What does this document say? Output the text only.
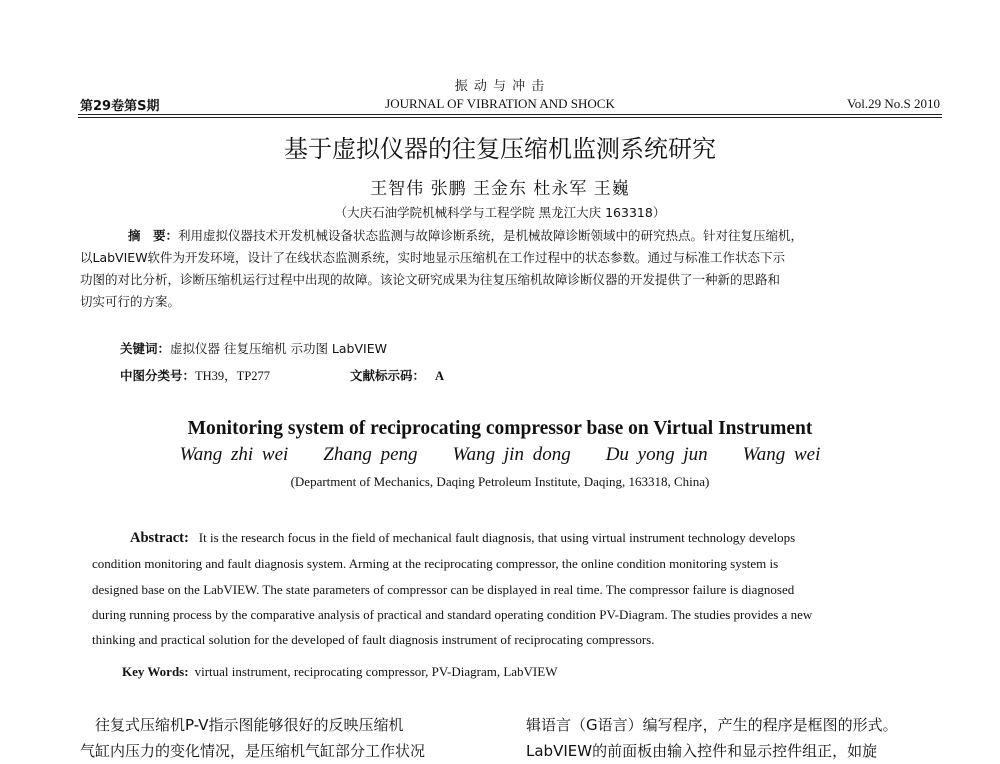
振 动 与 冲 击
第29卷第S期	JOURNAL OF VIBRATION AND SHOCK	Vol.29 No.S 2010
基于虚拟仪器的往复压缩机监测系统研究
王智伟 张鹏 王金东 杜永军 王巍
（大庆石油学院机械科学与工程学院 黑龙江大庆 163318）
摘　要：利用虚拟仪器技术开发机械设备状态监测与故障诊断系统，是机械故障诊断领域中的研究热点。针对往复压缩机，
以LabVIEW软件为开发环境，设计了在线状态监测系统，实时地显示压缩机在工作过程中的状态参数。通过与标准工作状态下示
功图的对比分析，诊断压缩机运行过程中出现的故障。该论文研究成果为往复压缩机故障诊断仪器的开发提供了一种新的思路和
切实可行的方案。
关键词：虚拟仪器 往复压缩机 示功图 LabVIEW
中图分类号：TH39，TP277	文献标示码： A
Monitoring system of reciprocating compressor base on Virtual Instrument
Wang zhi wei Zhang peng Wang jin dong Du yong jun Wang wei
(Department of Mechanics, Daqing Petroleum Institute, Daqing, 163318, China)
Abstract: It is the research focus in the field of mechanical fault diagnosis, that using virtual instrument technology develops
condition monitoring and fault diagnosis system. Arming at the reciprocating compressor, the online condition monitoring system is
designed base on the LabVIEW. The state parameters of compressor can be displayed in real time. The compressor failure is diagnosed
during running process by the comparative analysis of practical and standard operating condition PV-Diagram. The studies provides a new
thinking and practical solution for the developed of fault diagnosis instrument of reciprocating compressors.
Key Words: virtual instrument, reciprocating compressor, PV-Diagram, LabVIEW
　往复式压缩机P-V指示图能够很好的反映压缩机
气缸内压力的变化情况，是压缩机气缸部分工作状况
辑语言（G语言）编写程序，产生的程序是框图的形式。
LabVIEW的前面板由输入控件和显示控件组正，如旋
